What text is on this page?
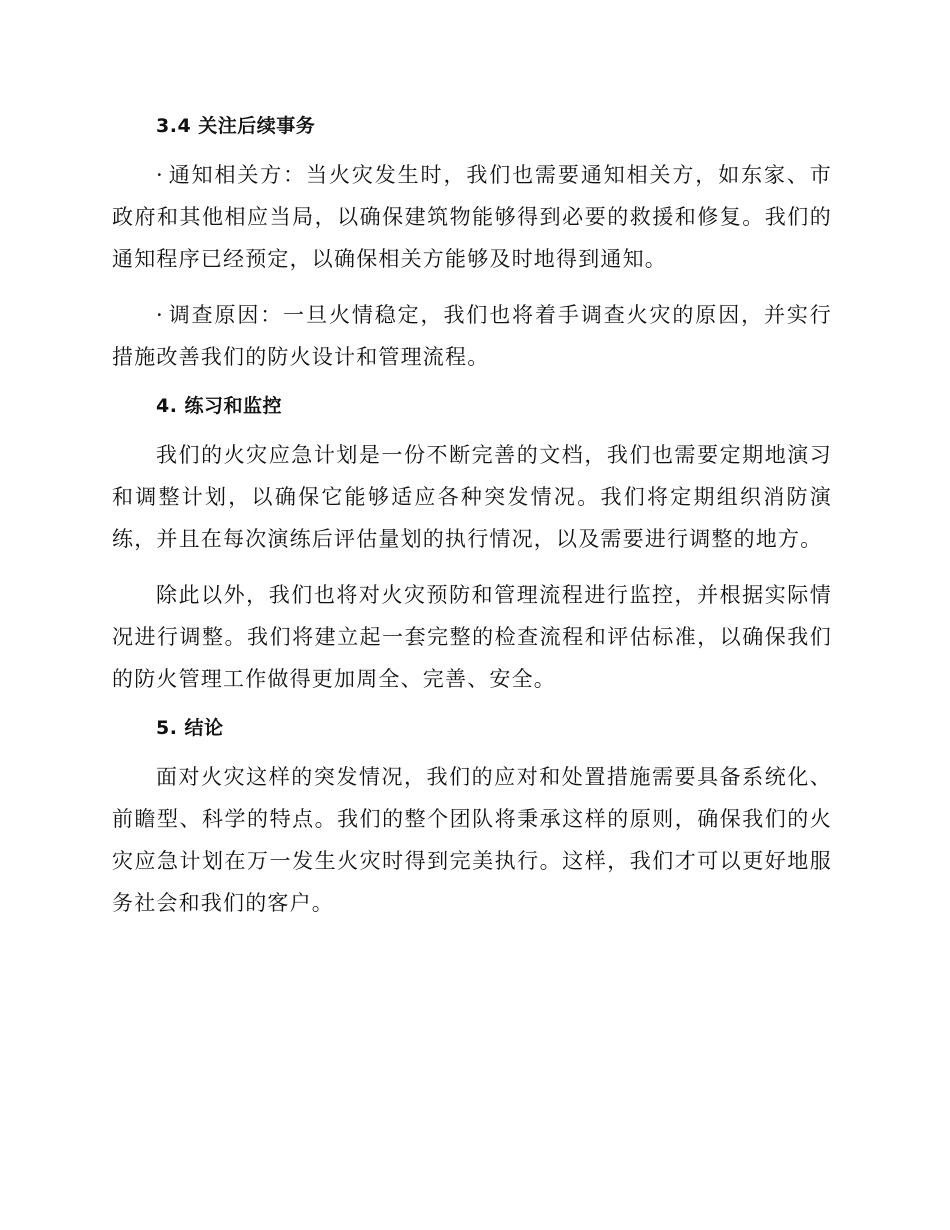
3.4 关注后续事务

· 通知相关方：当火灾发生时，我们也需要通知相关方，如东家、市政府和其他相应当局，以确保建筑物能够得到必要的救援和修复。我们的通知程序已经预定，以确保相关方能够及时地得到通知。

· 调查原因：一旦火情稳定，我们也将着手调查火灾的原因，并实行措施改善我们的防火设计和管理流程。

4. 练习和监控

我们的火灾应急计划是一份不断完善的文档，我们也需要定期地演习和调整计划，以确保它能够适应各种突发情况。我们将定期组织消防演练，并且在每次演练后评估量划的执行情况，以及需要进行调整的地方。

除此以外，我们也将对火灾预防和管理流程进行监控，并根据实际情况进行调整。我们将建立起一套完整的检查流程和评估标准，以确保我们的防火管理工作做得更加周全、完善、安全。

5. 结论

面对火灾这样的突发情况，我们的应对和处置措施需要具备系统化、前瞻型、科学的特点。我们的整个团队将秉承这样的原则，确保我们的火灾应急计划在万一发生火灾时得到完美执行。这样，我们才可以更好地服务社会和我们的客户。
